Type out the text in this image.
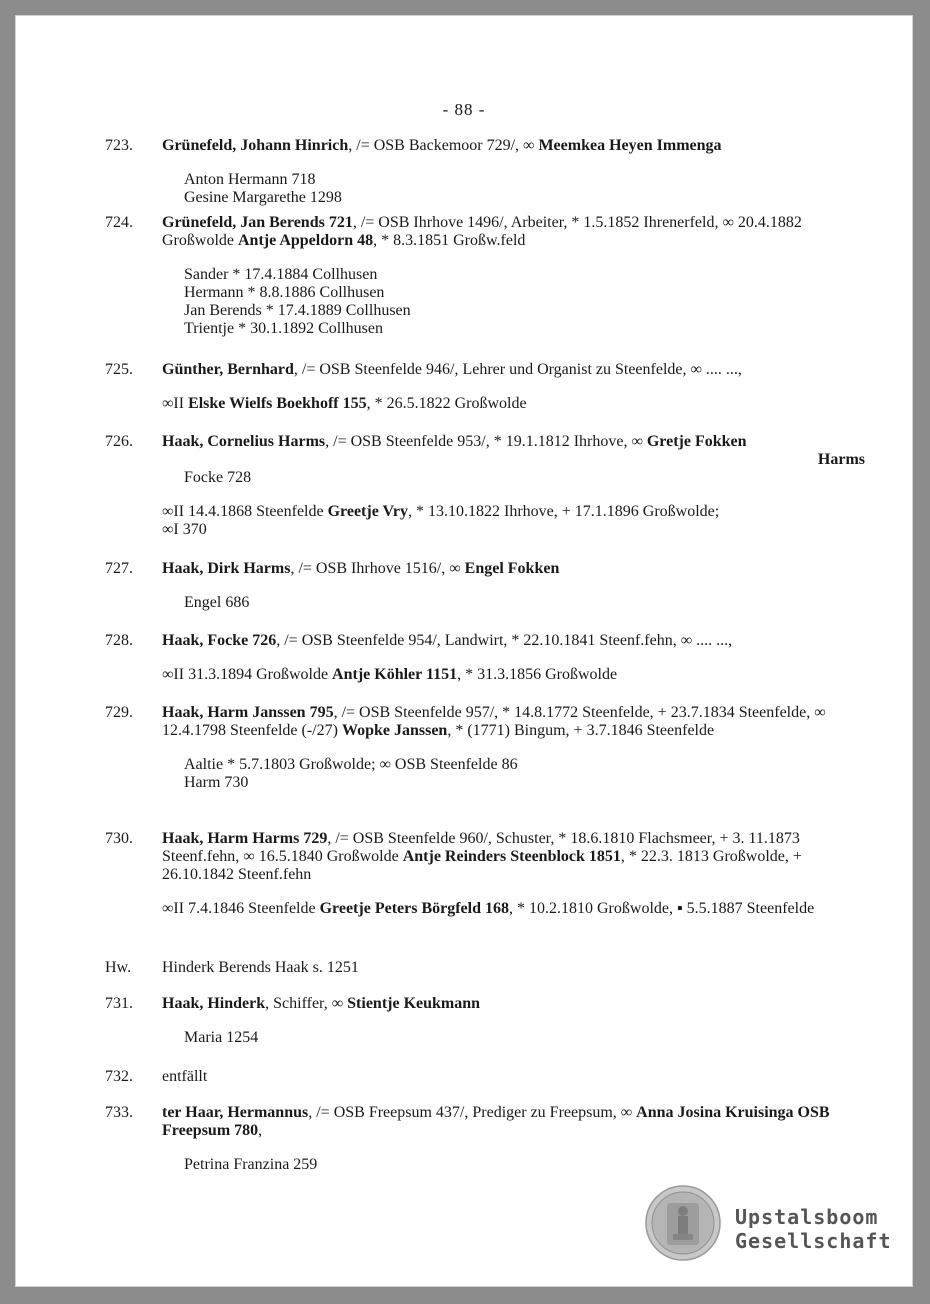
- 88 -
723. Grünefeld, Johann Hinrich, /= OSB Backemoor 729/, ∞ Meemkea Heyen Immenga
Anton Hermann 718
Gesine Margarethe 1298
724. Grünefeld, Jan Berends 721, /= OSB Ihrhove 1496/, Arbeiter, * 1.5.1852 Ihrenerfeld, ∞ 20.4.1882 Großwolde Antje Appeldorn 48, * 8.3.1851 Großw.feld
Sander * 17.4.1884 Collhusen
Hermann * 8.8.1886 Collhusen
Jan Berends * 17.4.1889 Collhusen
Trientje * 30.1.1892 Collhusen
725. Günther, Bernhard, /= OSB Steenfelde 946/, Lehrer und Organist zu Steenfelde, ∞ .... ...,
∞II Elske Wielfs Boekhoff 155, * 26.5.1822 Großwolde
726. Haak, Cornelius Harms, /= OSB Steenfelde 953/, * 19.1.1812 Ihrhove, ∞ Gretje Fokken
Harms
Focke 728
∞II 14.4.1868 Steenfelde Greetje Vry, * 13.10.1822 Ihrhove, + 17.1.1896 Großwolde;
∞I 370
727. Haak, Dirk Harms, /= OSB Ihrhove 1516/, ∞ Engel Fokken
Engel 686
728. Haak, Focke 726, /= OSB Steenfelde 954/, Landwirt, * 22.10.1841 Steenf.fehn, ∞ .... ...,
∞II 31.3.1894 Großwolde Antje Köhler 1151, * 31.3.1856 Großwolde
729. Haak, Harm Janssen 795, /= OSB Steenfelde 957/, * 14.8.1772 Steenfelde, + 23.7.1834 Steenfelde, ∞ 12.4.1798 Steenfelde (-/27) Wopke Janssen, * (1771) Bingum, + 3.7.1846 Steenfelde
Aaltie * 5.7.1803 Großwolde; ∞ OSB Steenfelde 86
Harm 730
730. Haak, Harm Harms 729, /= OSB Steenfelde 960/, Schuster, * 18.6.1810 Flachsmeer, + 3. 11.1873 Steenf.fehn, ∞ 16.5.1840 Großwolde Antje Reinders Steenblock 1851, * 22.3. 1813 Großwolde, + 26.10.1842 Steenf.fehn
∞II 7.4.1846 Steenfelde Greetje Peters Börgfeld 168, * 10.2.1810 Großwolde, ▪ 5.5.1887 Steenfelde
Hw. Hinderk Berends Haak s. 1251
731. Haak, Hinderk, Schiffer, ∞ Stientje Keukmann
Maria 1254
732. entfällt
733. ter Haar, Hermannus, /= OSB Freepsum 437/, Prediger zu Freepsum, ∞ Anna Josina Kruisinga OSB Freepsum 780,
Petrina Franzina 259
Upstalsboom
Gesellschaft
